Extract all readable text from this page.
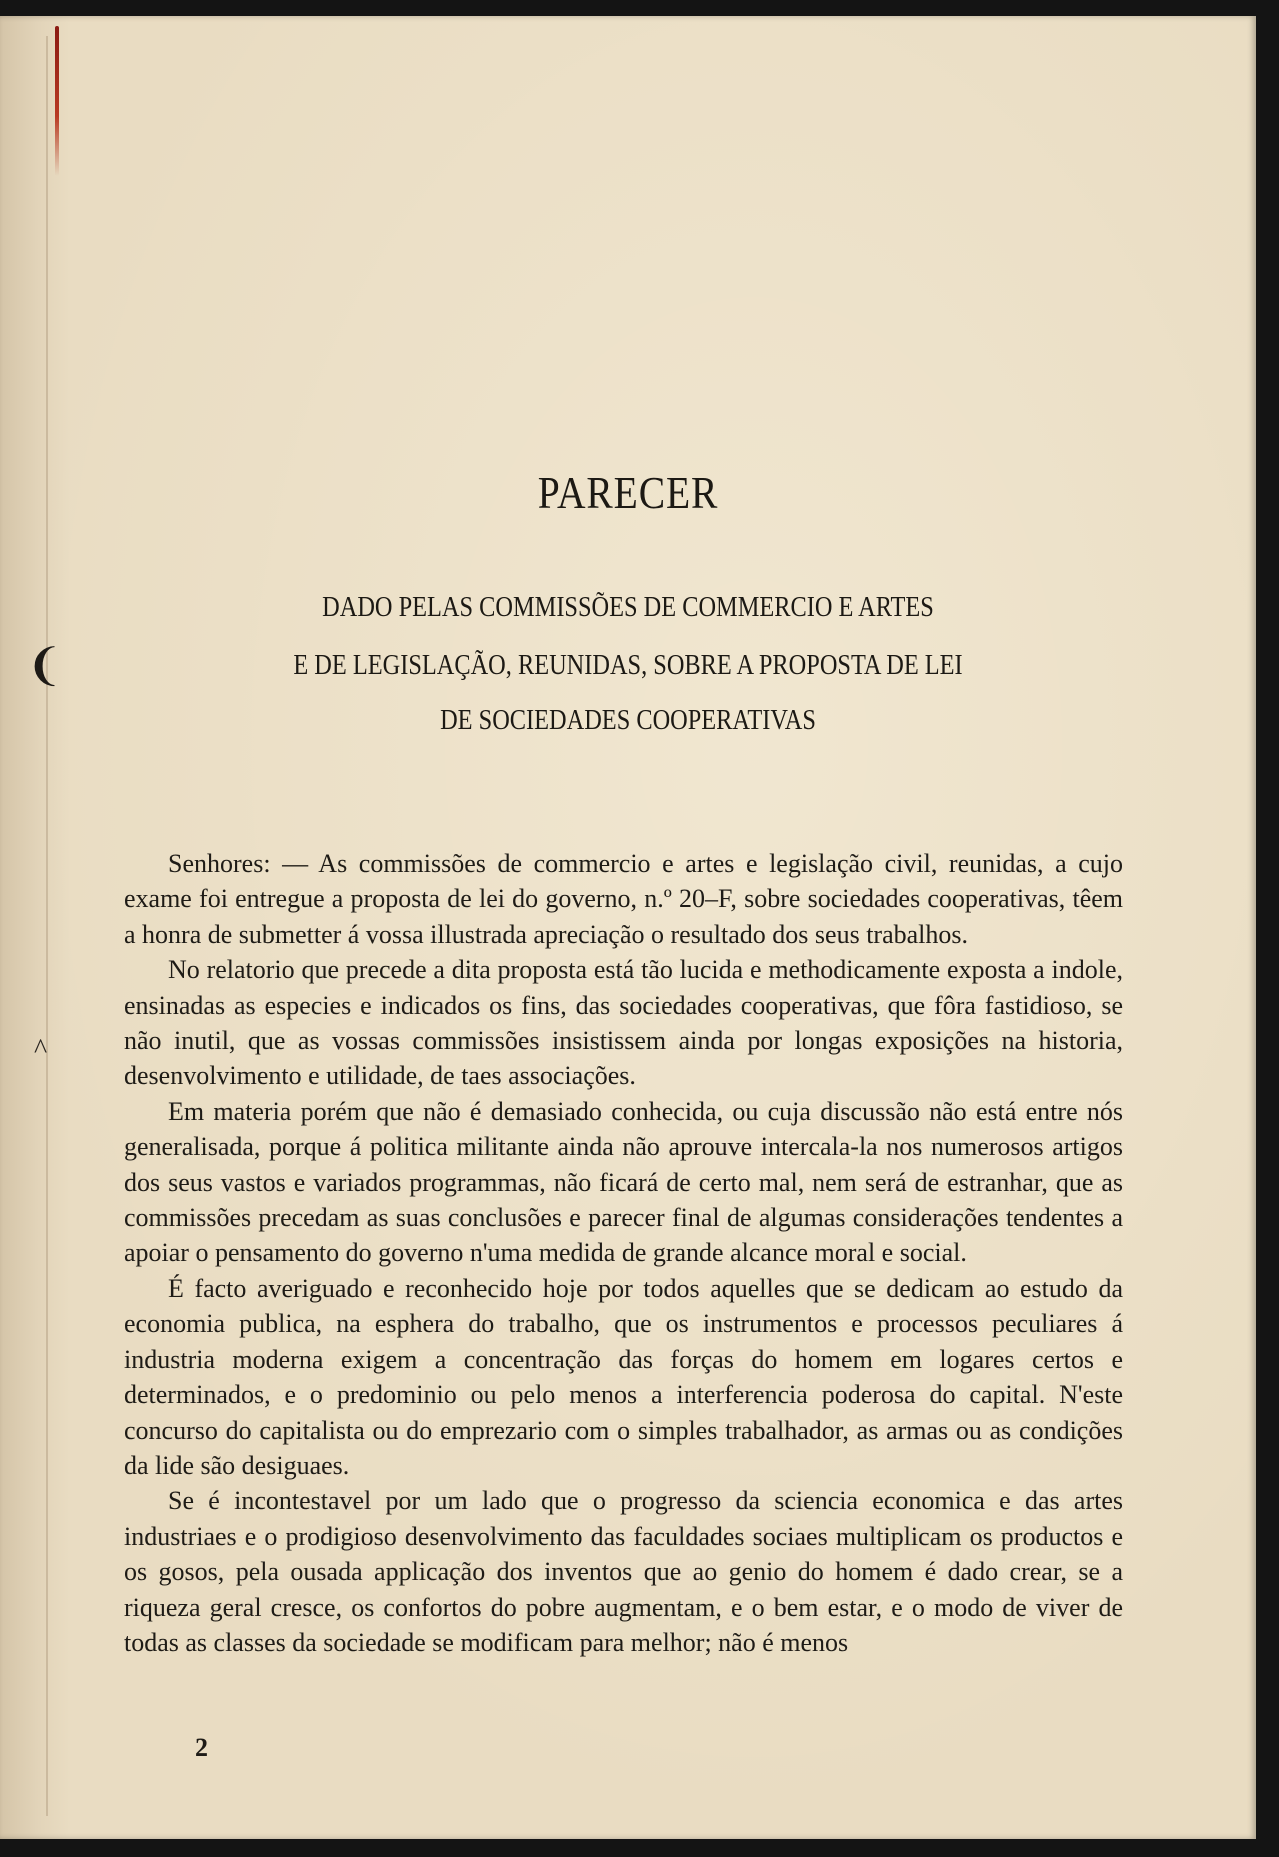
❨
^
PARECER
DADO PELAS COMMISSÕES DE COMMERCIO E ARTES
E DE LEGISLAÇÃO, REUNIDAS, SOBRE A PROPOSTA DE LEI
DE SOCIEDADES COOPERATIVAS

Senhores: — As commissões de commercio e artes e legislação civil, reunidas, a cujo exame foi entregue a proposta de lei do governo, n.º 20–F, sobre sociedades cooperativas, têem a honra de submetter á vossa illustrada apreciação o resultado dos seus trabalhos.

No relatorio que precede a dita proposta está tão lucida e methodicamente exposta a indole, ensinadas as especies e indicados os fins, das sociedades cooperativas, que fôra fastidioso, se não inutil, que as vossas commissões insistissem ainda por longas exposições na historia, desenvolvimento e utilidade, de taes associações.

Em materia porém que não é demasiado conhecida, ou cuja discussão não está entre nós generalisada, porque á politica militante ainda não aprouve intercala-la nos numerosos artigos dos seus vastos e variados programmas, não ficará de certo mal, nem será de estranhar, que as commissões precedam as suas conclusões e parecer final de algumas considerações tendentes a apoiar o pensamento do governo n'uma medida de grande alcance moral e social.

É facto averiguado e reconhecido hoje por todos aquelles que se dedicam ao estudo da economia publica, na esphera do trabalho, que os instrumentos e processos peculiares á industria moderna exigem a concentração das forças do homem em logares certos e determinados, e o predominio ou pelo menos a interferencia poderosa do capital. N'este concurso do capitalista ou do emprezario com o simples trabalhador, as armas ou as condições da lide são desiguaes.

Se é incontestavel por um lado que o progresso da sciencia economica e das artes industriaes e o prodigioso desenvolvimento das faculdades sociaes multiplicam os productos e os gosos, pela ousada applicação dos inventos que ao genio do homem é dado crear, se a riqueza geral cresce, os confortos do pobre augmentam, e o bem estar, e o modo de viver de todas as classes da sociedade se modificam para melhor; não é menos

2
